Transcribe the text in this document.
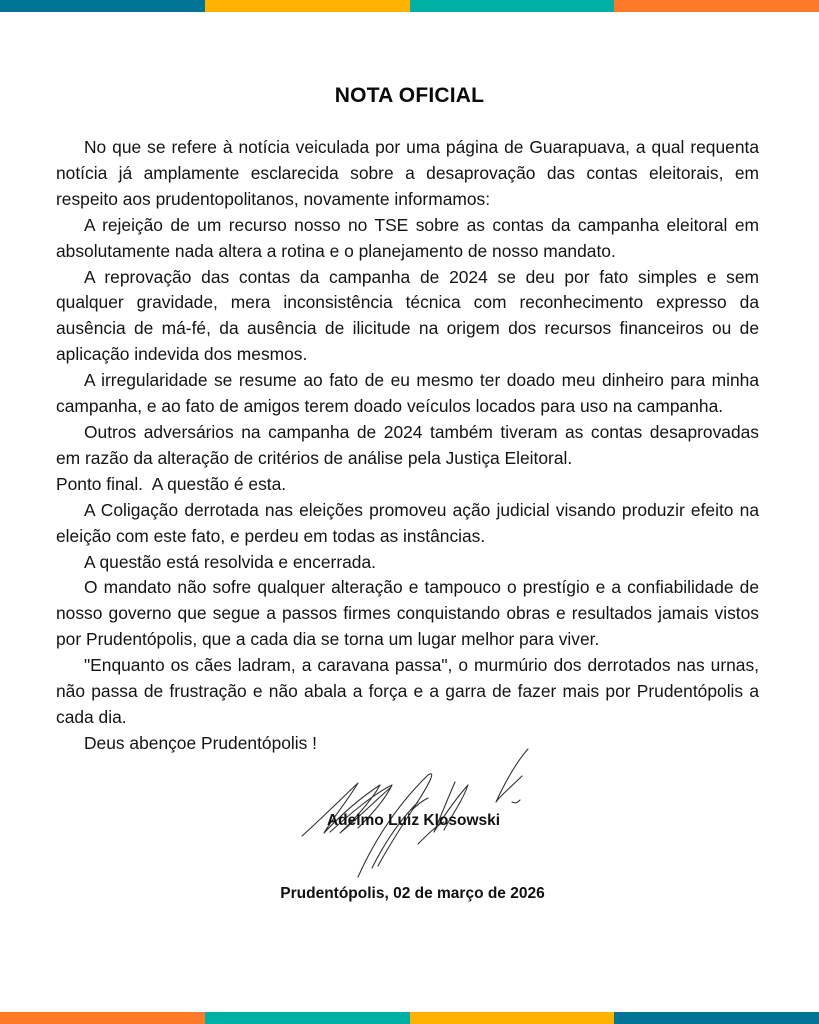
NOTA OFICIAL

No que se refere à notícia veiculada por uma página de Guarapuava, a qual requenta notícia já amplamente esclarecida sobre a desaprovação das contas eleitorais, em respeito aos prudentopolitanos, novamente informamos:

A rejeição de um recurso nosso no TSE sobre as contas da campanha eleitoral em absolutamente nada altera a rotina e o planejamento de nosso mandato.

A reprovação das contas da campanha de 2024 se deu por fato simples e sem qualquer gravidade, mera inconsistência técnica com reconhecimento expresso da ausência de má-fé, da ausência de ilicitude na origem dos recursos financeiros ou de aplicação indevida dos mesmos.

A irregularidade se resume ao fato de eu mesmo ter doado meu dinheiro para minha campanha, e ao fato de amigos terem doado veículos locados para uso na campanha.

Outros adversários na campanha de 2024 também tiveram as contas desaprovadas em razão da alteração de critérios de análise pela Justiça Eleitoral.

Ponto final.  A questão é esta.

A Coligação derrotada nas eleições promoveu ação judicial visando produzir efeito na eleição com este fato, e perdeu em todas as instâncias.

A questão está resolvida e encerrada.

O mandato não sofre qualquer alteração e tampouco o prestígio e a confiabilidade de nosso governo que segue a passos firmes conquistando obras e resultados jamais vistos por Prudentópolis, que a cada dia se torna um lugar melhor para viver.

"Enquanto os cães ladram, a caravana passa", o murmúrio dos derrotados nas urnas, não passa de frustração e não abala a força e a garra de fazer mais por Prudentópolis a cada dia.

Deus abençoe Prudentópolis !

Adelmo Luiz Klosowski
Prudentópolis, 02 de março de 2026
